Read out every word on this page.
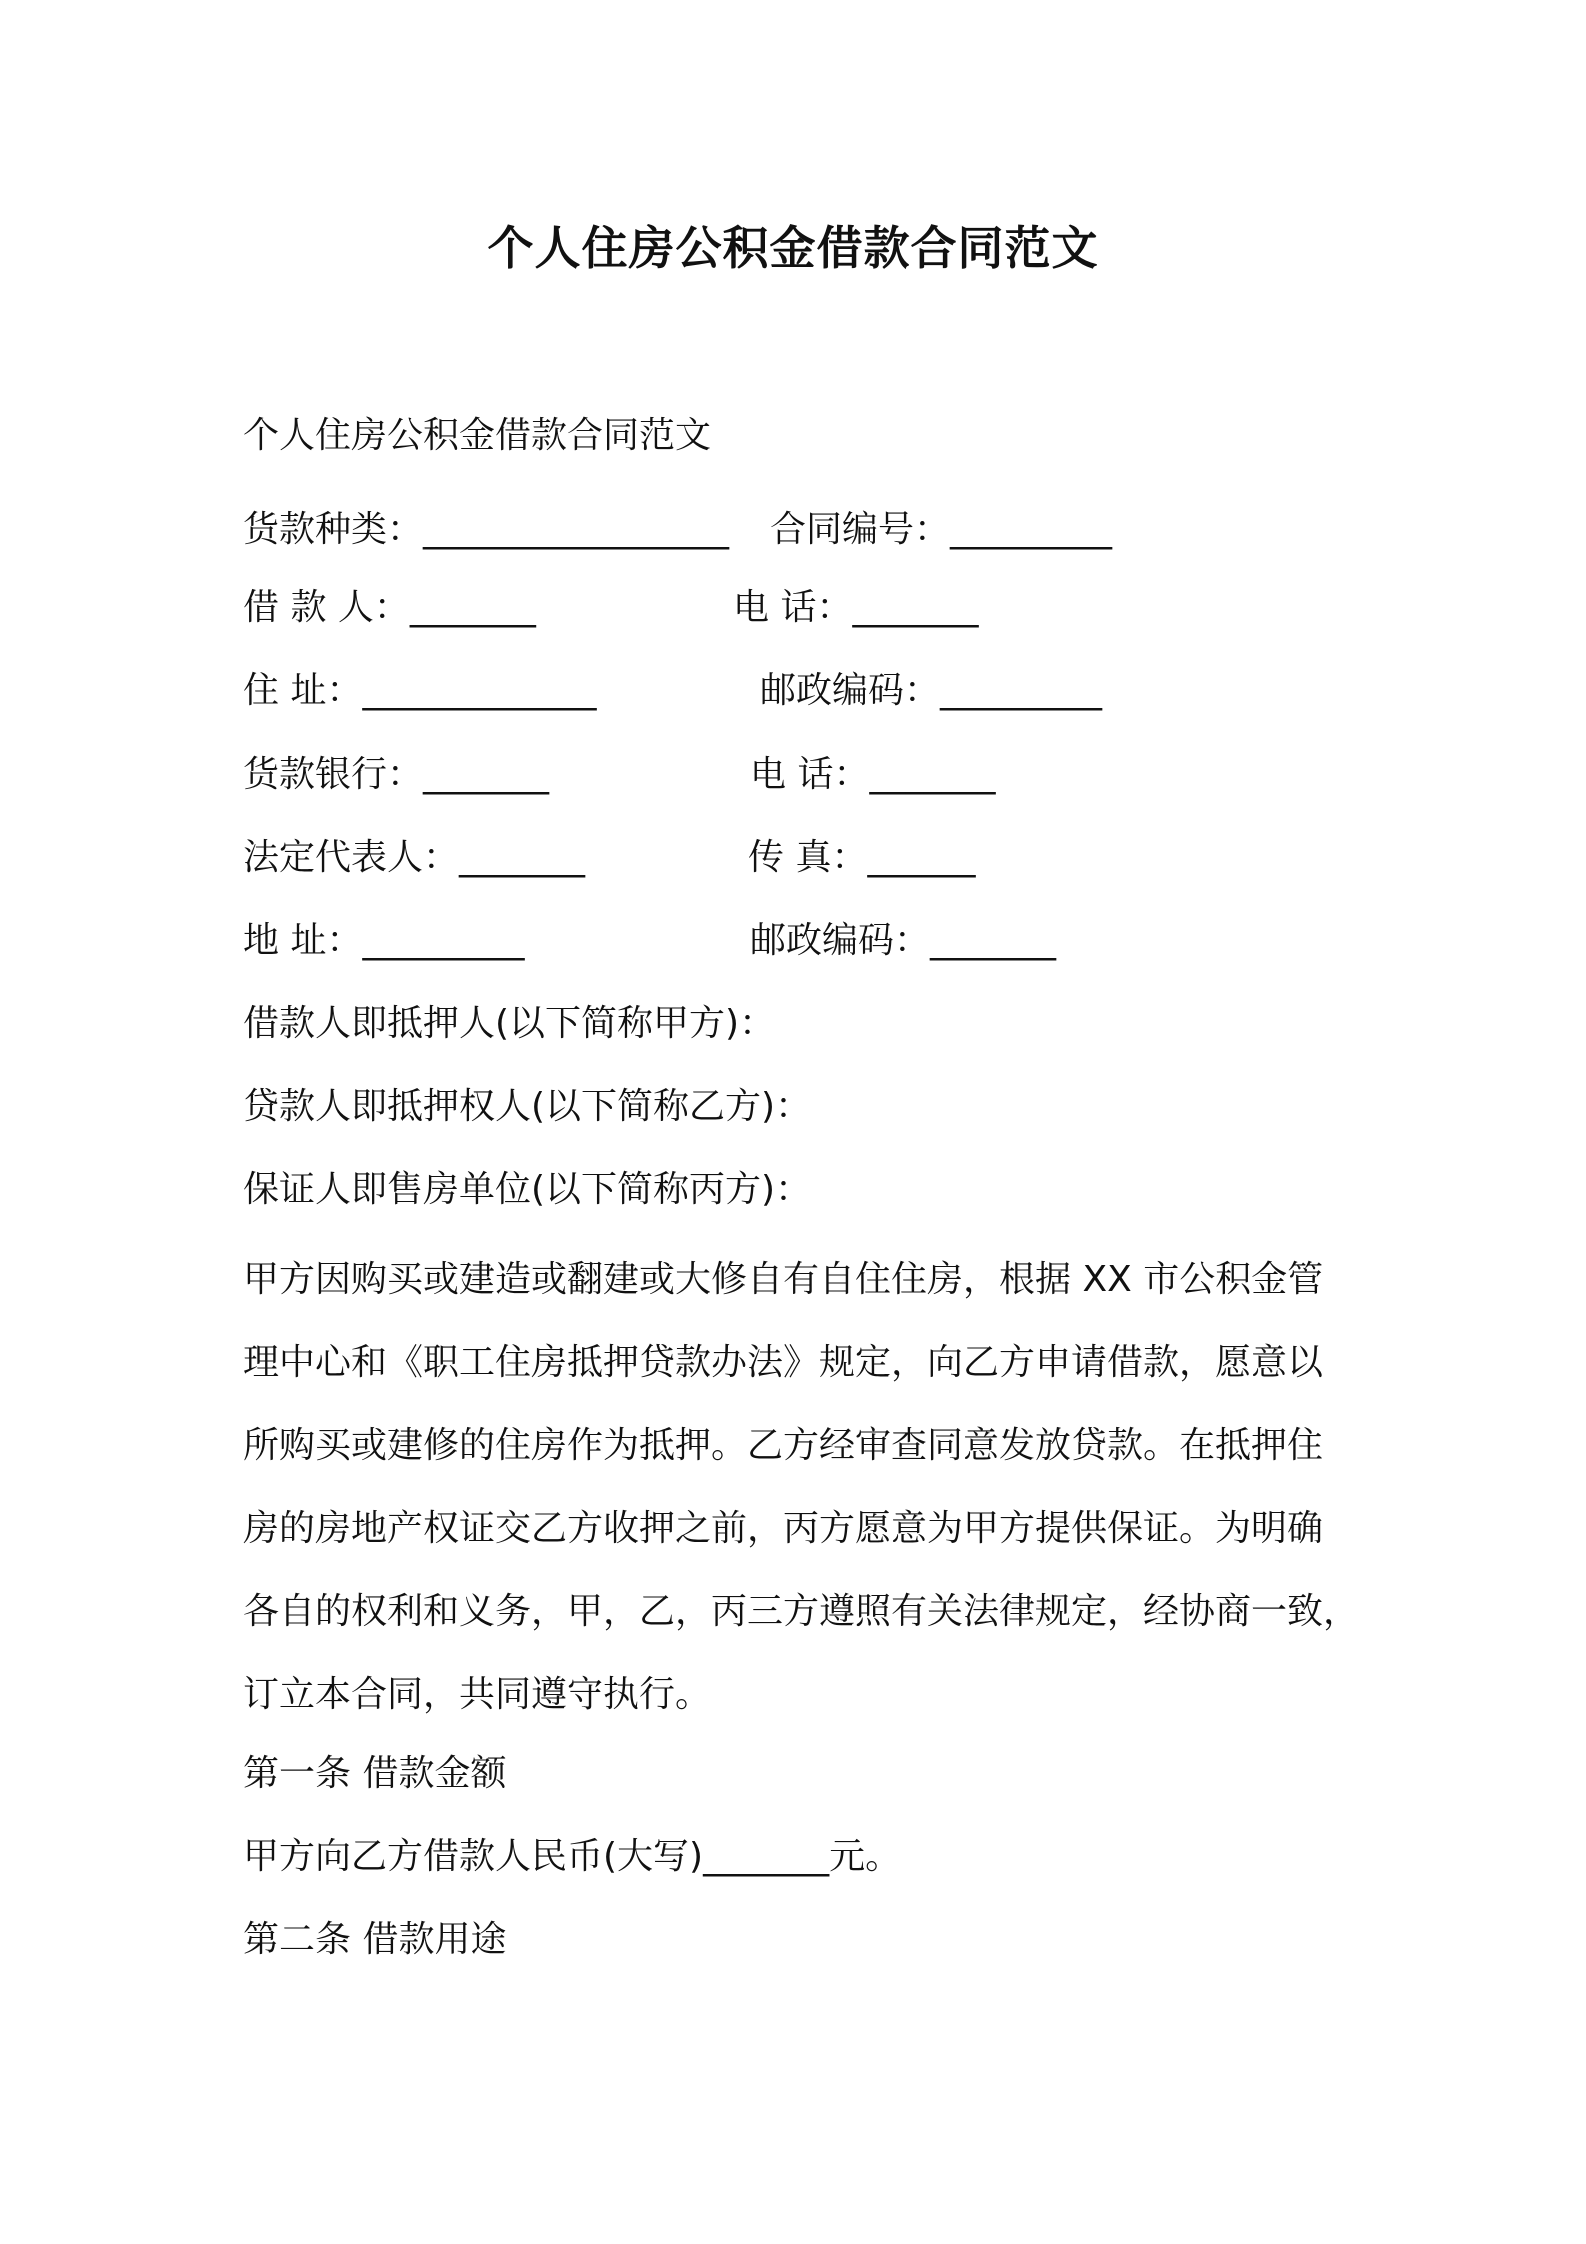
个人住房公积金借款合同范文

个人住房公积金借款合同范文

货款种类：_________________ 合同编号：_________
借 款 人：_______	电 话：_______
住 址：_____________	邮政编码：_________
货款银行：_______	电 话：_______
法定代表人：_______	传 真：______
地 址：_________	邮政编码：_______

借款人即抵押人(以下简称甲方)：

贷款人即抵押权人(以下简称乙方)：

保证人即售房单位(以下简称丙方)：

甲方因购买或建造或翻建或大修自有自住住房，根据 XX 市公积金管
理中心和《职工住房抵押贷款办法》规定，向乙方申请借款，愿意以
所购买或建修的住房作为抵押。乙方经审查同意发放贷款。在抵押住
房的房地产权证交乙方收押之前，丙方愿意为甲方提供保证。为明确
各自的权利和义务，甲，乙，丙三方遵照有关法律规定，经协商一致，
订立本合同，共同遵守执行。

第一条 借款金额

甲方向乙方借款人民币(大写)_______元。

第二条 借款用途
